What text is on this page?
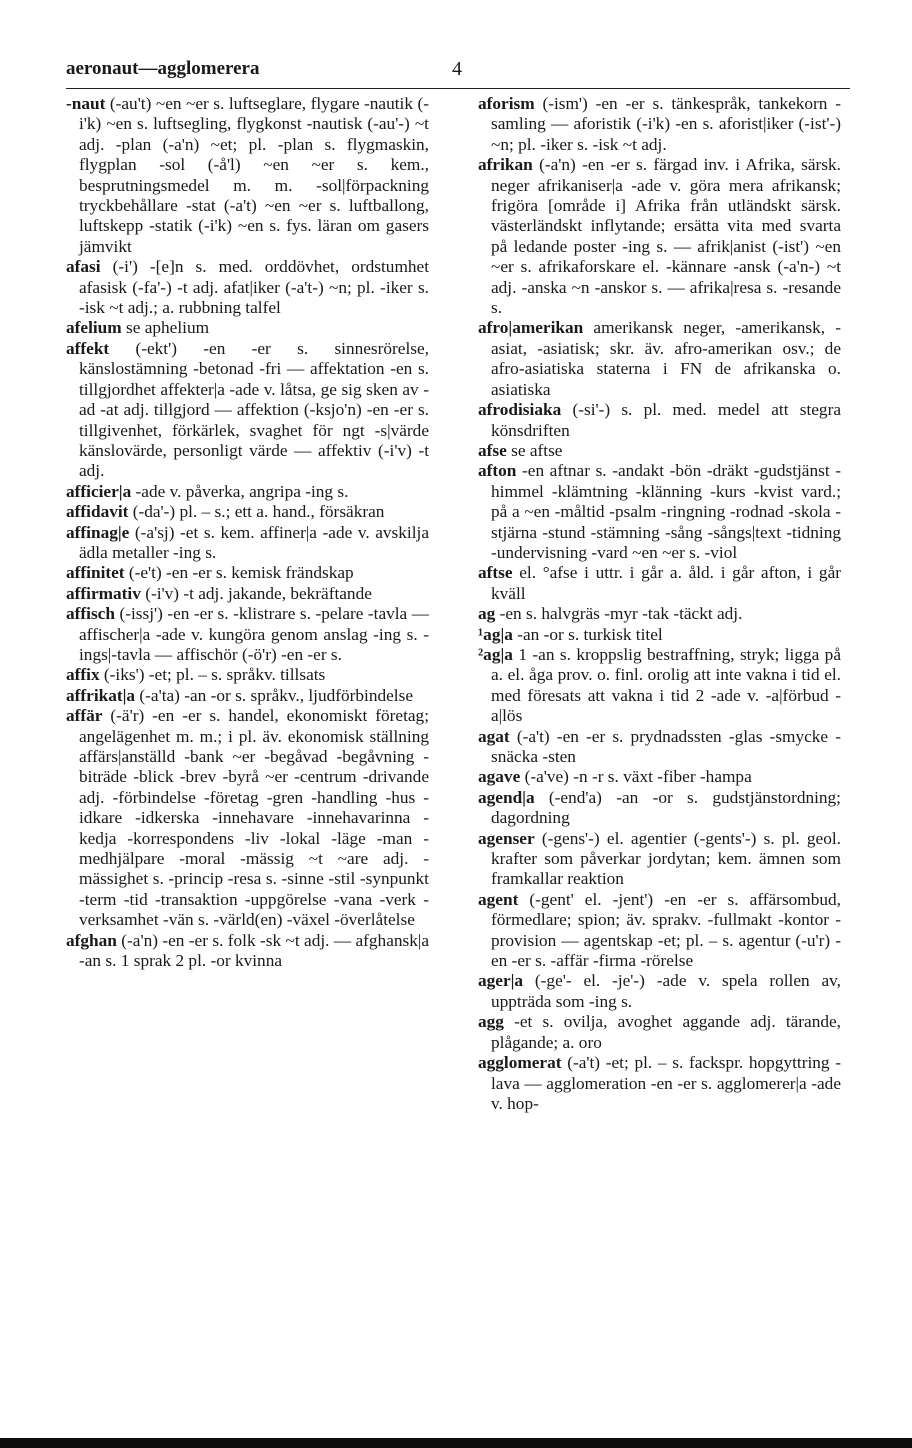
aeronaut—agglomerera	4

-naut (-au't) ~en ~er s. luftseglare, flygare -nautik (-i'k) ~en s. luftsegling, flygkonst -nautisk (-au'-) ~t adj. -plan (-a'n) ~et; pl. -plan s. flygmaskin, flygplan -sol (-å'l) ~en ~er s. kem., besprutningsmedel m. m. -sol|förpackning tryckbehållare -stat (-a't) ~en ~er s. luftballong, luftskepp -statik (-i'k) ~en s. fys. läran om gasers jämvikt

afasi (-i') -[e]n s. med. orddövhet, ordstumhet afasisk (-fa'-) -t adj. afat|iker (-a't-) ~n; pl. -iker s. -isk ~t adj.; a. rubbning talfel

afelium se aphelium

affekt (-ekt') -en -er s. sinnesrörelse, känslostämning -betonad -fri — affektation -en s. tillgjordhet affekter|a -ade v. låtsa, ge sig sken av -ad -at adj. tillgjord — affektion (-ksjo'n) -en -er s. tillgivenhet, förkärlek, svaghet för ngt -s|värde känslovärde, personligt värde — affektiv (-i'v) -t adj.

afficier|a -ade v. påverka, angripa -ing s.

affidavit (-da'-) pl. – s.; ett a. hand., försäkran

affinag|e (-a'sj) -et s. kem. affiner|a -ade v. avskilja ädla metaller -ing s.

affinitet (-e't) -en -er s. kemisk frändskap

affirmativ (-i'v) -t adj. jakande, bekräftande

affisch (-issj') -en -er s. -klistrare s. -pelare -tavla — affischer|a -ade v. kungöra genom anslag -ing s. -ings|-tavla — affischör (-ö'r) -en -er s.

affix (-iks') -et; pl. – s. språkv. tillsats

affrikat|a (-a'ta) -an -or s. språkv., ljudförbindelse

affär (-ä'r) -en -er s. handel, ekonomiskt företag; angelägenhet m. m.; i pl. äv. ekonomisk ställning affärs|anställd -bank ~er -begåvad -begåvning -biträde -blick -brev -byrå ~er -centrum -drivande adj. -förbindelse -företag -gren -handling -hus -idkare -idkerska -innehavare -innehavarinna -kedja -korrespondens -liv -lokal -läge -man -medhjälpare -moral -mässig ~t ~are adj. -mässighet s. -princip -resa s. -sinne -stil -synpunkt -term -tid -transaktion -uppgörelse -vana -verk -verksamhet -vän s. -värld(en) -växel -överlåtelse

afghan (-a'n) -en -er s. folk -sk ~t adj. — afghansk|a -an s. 1 sprak 2 pl. -or kvinna

aforism (-ism') -en -er s. tänkespråk, tankekorn -samling — aforistik (-i'k) -en s. aforist|iker (-ist'-) ~n; pl. -iker s. -isk ~t adj.

afrikan (-a'n) -en -er s. färgad inv. i Afrika, särsk. neger afrikaniser|a -ade v. göra mera afrikansk; frigöra [område i] Afrika från utländskt särsk. västerländskt inflytande; ersätta vita med svarta på ledande poster -ing s. — afrik|anist (-ist') ~en ~er s. afrikaforskare el. -kännare -ansk (-a'n-) ~t adj. -anska ~n -anskor s. — afrika|resa s. -resande s.

afro|amerikan amerikansk neger, -amerikansk, -asiat, -asiatisk; skr. äv. afro-amerikan osv.; de afro-asiatiska staterna i FN de afrikanska o. asiatiska

afrodisiaka (-si'-) s. pl. med. medel att stegra könsdriften

afse se aftse

afton -en aftnar s. -andakt -bön -dräkt -gudstjänst -himmel -klämtning -klänning -kurs -kvist vard.; på a ~en -måltid -psalm -ringning -rodnad -skola -stjärna -stund -stämning -sång -sångs|text -tidning -undervisning -vard ~en ~er s. -viol

aftse el. °afse i uttr. i går a. åld. i går afton, i går kväll

ag -en s. halvgräs -myr -tak -täckt adj.

¹ag|a -an -or s. turkisk titel

²ag|a 1 -an s. kroppslig bestraffning, stryk; ligga på a. el. åga prov. o. finl. orolig att inte vakna i tid el. med föresats att vakna i tid 2 -ade v. -a|förbud -a|lös

agat (-a't) -en -er s. prydnadssten -glas -smycke -snäcka -sten

agave (-a've) -n -r s. växt -fiber -hampa

agend|a (-end'a) -an -or s. gudstjänstordning; dagordning

agenser (-gens'-) el. agentier (-gents'-) s. pl. geol. krafter som påverkar jordytan; kem. ämnen som framkallar reaktion

agent (-gent' el. -jent') -en -er s. affärsombud, förmedlare; spion; äv. sprakv. -fullmakt -kontor -provision — agentskap -et; pl. – s. agentur (-u'r) -en -er s. -affär -firma -rörelse

ager|a (-ge'- el. -je'-) -ade v. spela rollen av, uppträda som -ing s.

agg -et s. ovilja, avoghet aggande adj. tärande, plågande; a. oro

agglomerat (-a't) -et; pl. – s. fackspr. hopgyttring -lava — agglomeration -en -er s. agglomerer|a -ade v. hop-
